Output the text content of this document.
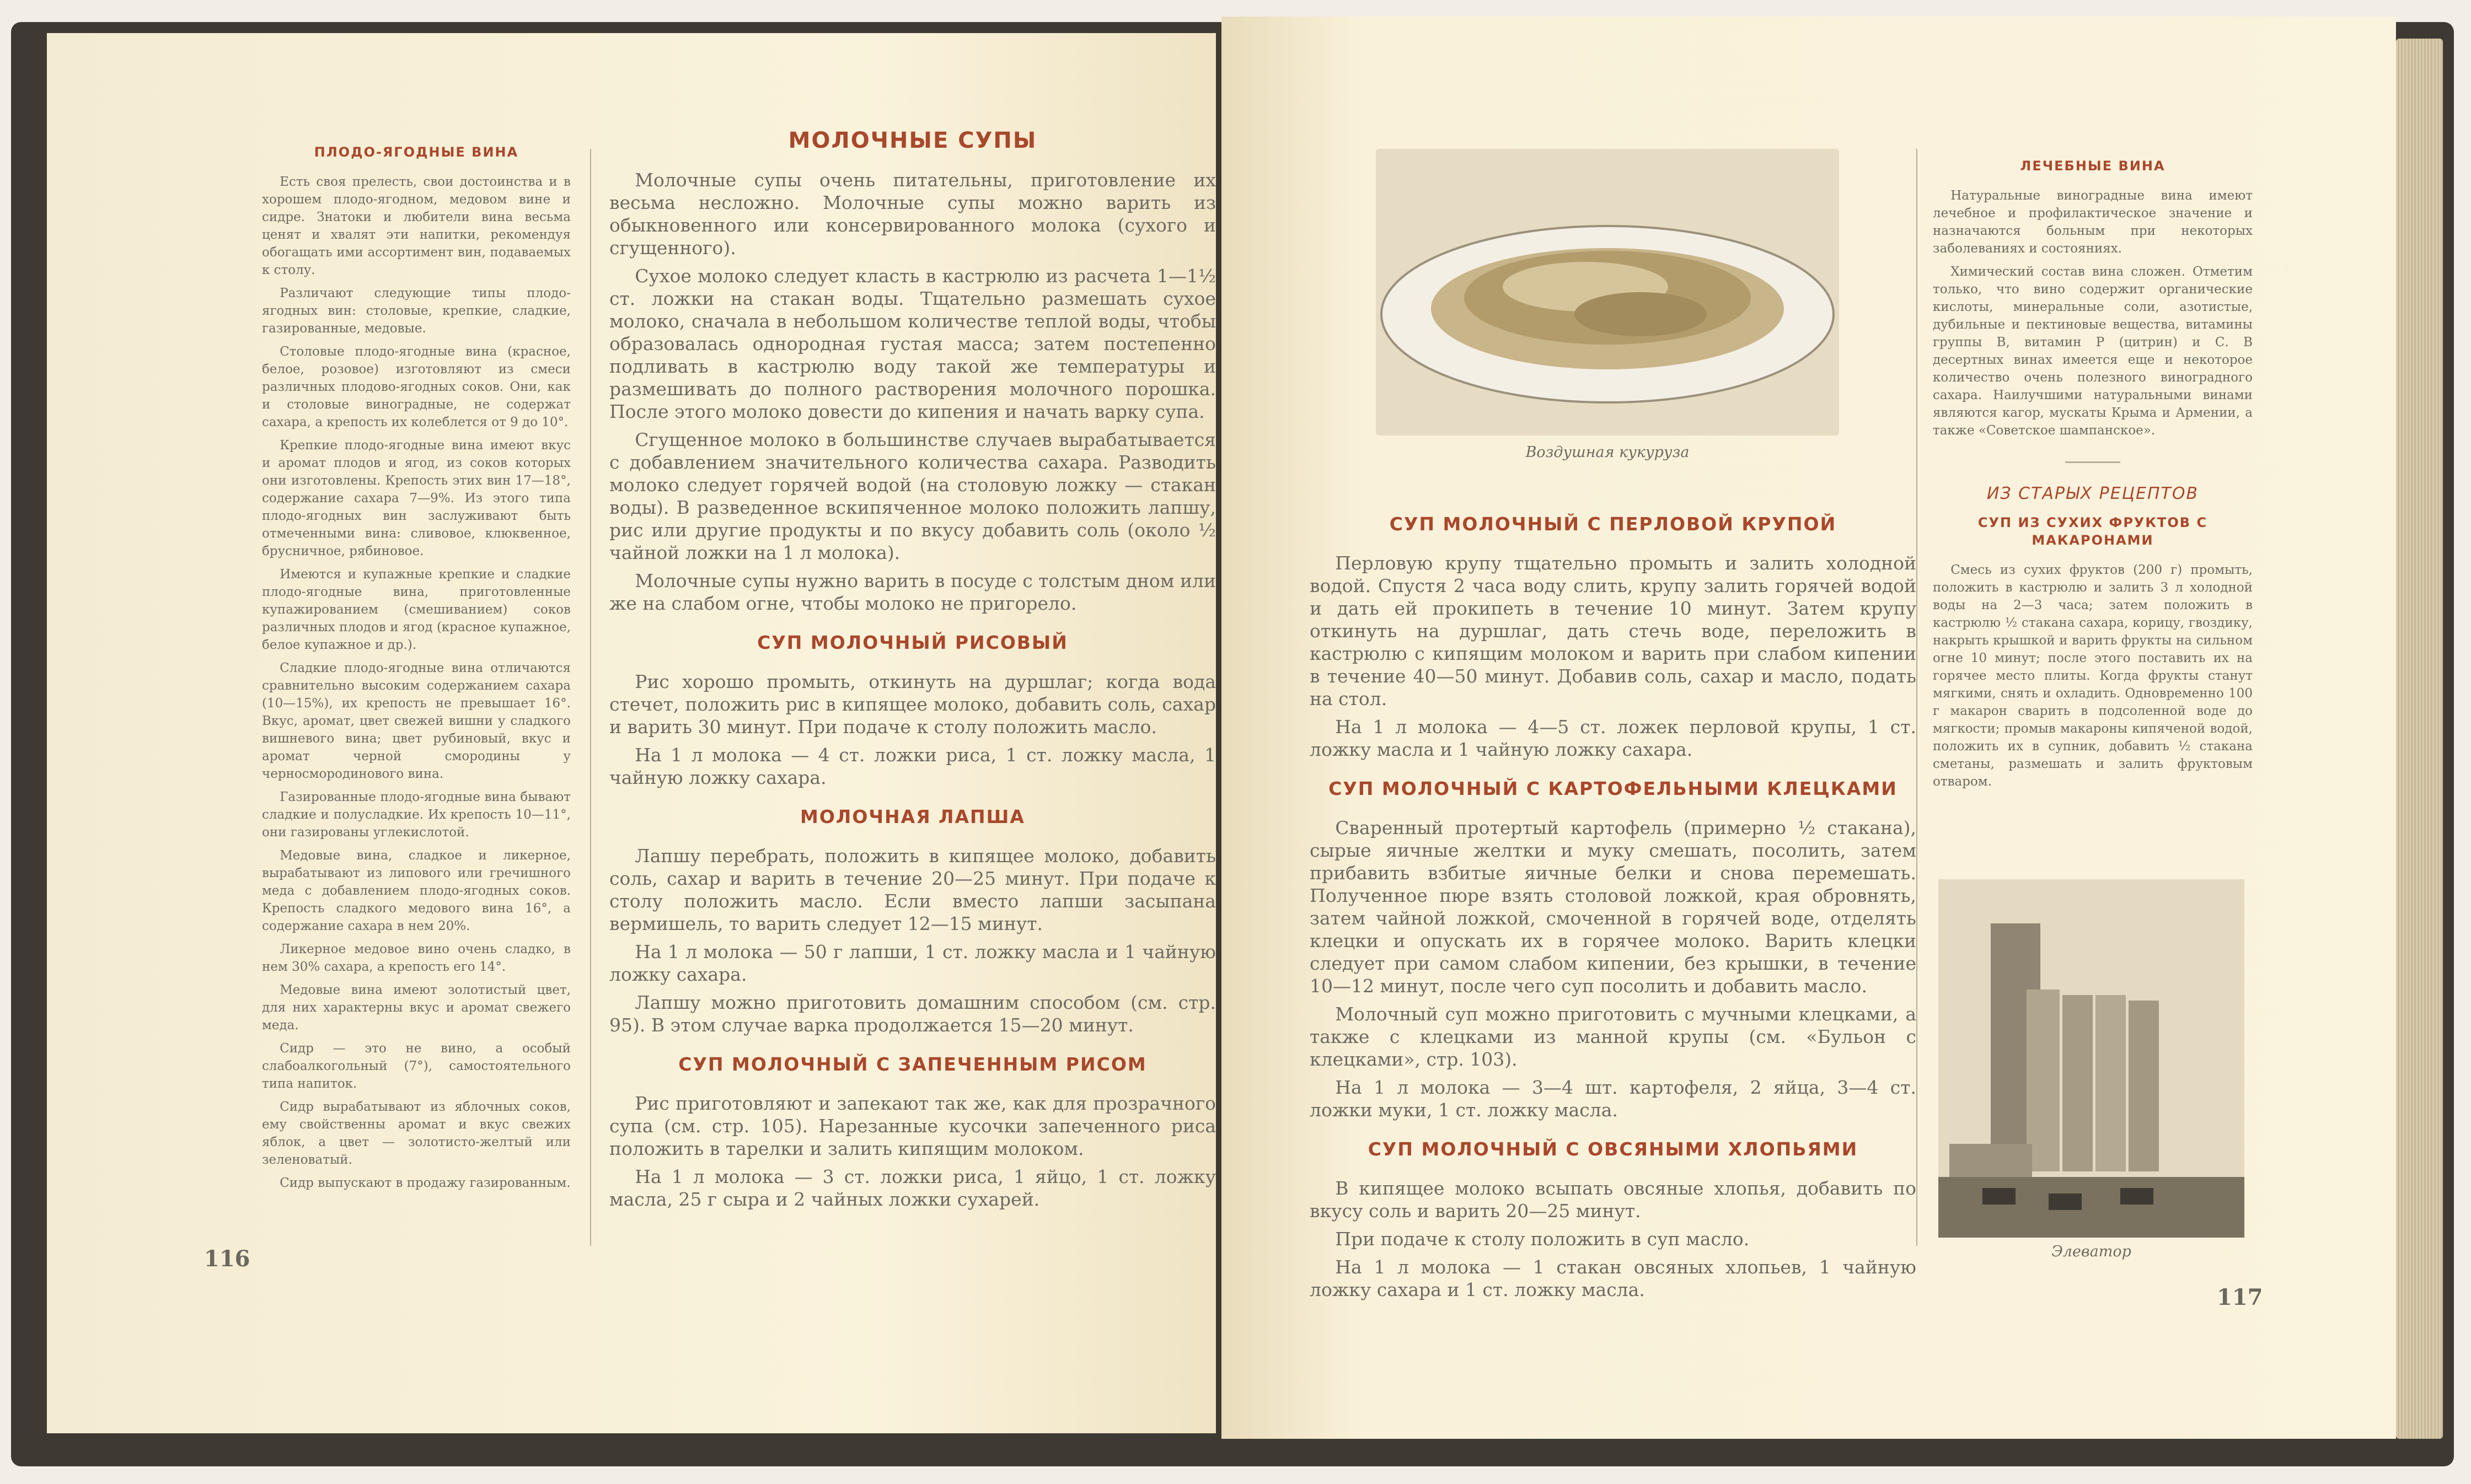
ПЛОДО-ЯГОДНЫЕ ВИНА

Есть своя прелесть, свои достоинства и в хорошем плодо-ягодном, медовом вине и сидре. Знатоки и любители вина весьма ценят и хвалят эти напитки, рекомендуя обогащать ими ассортимент вин, подаваемых к столу.

Различают следующие типы плодо-ягодных вин: столовые, крепкие, сладкие, газированные, медовые.

Столовые плодо-ягодные вина (красное, белое, розовое) изготовляют из смеси различных плодово-ягодных соков. Они, как и столовые виноградные, не содержат сахара, а крепость их колеблется от 9 до 10°.

Крепкие плодо-ягодные вина имеют вкус и аромат плодов и ягод, из соков которых они изготовлены. Крепость этих вин 17—18°, содержание сахара 7—9%. Из этого типа плодо-ягодных вин заслуживают быть отмеченными вина: сливовое, клюквенное, брусничное, рябиновое.

Имеются и купажные крепкие и сладкие плодо-ягодные вина, приготовленные купажированием (смешиванием) соков различных плодов и ягод (красное купажное, белое купажное и др.).

Сладкие плодо-ягодные вина отличаются сравнительно высоким содержанием сахара (10—15%), их крепость не превышает 16°. Вкус, аромат, цвет свежей вишни у сладкого вишневого вина; цвет рубиновый, вкус и аромат черной смородины у черносмородинового вина.

Газированные плодо-ягодные вина бывают сладкие и полусладкие. Их крепость 10—11°, они газированы углекислотой.

Медовые вина, сладкое и ликерное, вырабатывают из липового или гречишного меда с добавлением плодо-ягодных соков. Крепость сладкого медового вина 16°, а содержание сахара в нем 20%.

Ликерное медовое вино очень сладко, в нем 30% сахара, а крепость его 14°.

Медовые вина имеют золотистый цвет, для них характерны вкус и аромат свежего меда.

Сидр — это не вино, а особый слабоалкогольный (7°), самостоятельного типа напиток.

Сидр вырабатывают из яблочных соков, ему свойственны аромат и вкус свежих яблок, а цвет — золотисто-желтый или зеленоватый.

Сидр выпускают в продажу газированным.

МОЛОЧНЫЕ СУПЫ

Молочные супы очень питательны, приготовление их весьма несложно. Молочные супы можно варить из обыкновенного или консервированного молока (сухого и сгущенного).

Сухое молоко следует класть в кастрюлю из расчета 1—1½ ст. ложки на стакан воды. Тщательно размешать сухое молоко, сначала в небольшом количестве теплой воды, чтобы образовалась однородная густая масса; затем постепенно подливать в кастрюлю воду такой же температуры и размешивать до полного растворения молочного порошка. После этого молоко довести до кипения и начать варку супа.

Сгущенное молоко в большинстве случаев вырабатывается с добавлением значительного количества сахара. Разводить молоко следует горячей водой (на столовую ложку — стакан воды). В разведенное вскипяченное молоко положить лапшу, рис или другие продукты и по вкусу добавить соль (около ½ чайной ложки на 1 л молока).

Молочные супы нужно варить в посуде с толстым дном или же на слабом огне, чтобы молоко не пригорело.

СУП МОЛОЧНЫЙ РИСОВЫЙ

Рис хорошо промыть, откинуть на дуршлаг; когда вода стечет, положить рис в кипящее молоко, добавить соль, сахар и варить 30 минут. При подаче к столу положить масло.

На 1 л молока — 4 ст. ложки риса, 1 ст. ложку масла, 1 чайную ложку сахара.

МОЛОЧНАЯ ЛАПША

Лапшу перебрать, положить в кипящее молоко, добавить соль, сахар и варить в течение 20—25 минут. При подаче к столу положить масло. Если вместо лапши засыпана вермишель, то варить следует 12—15 минут.

На 1 л молока — 50 г лапши, 1 ст. ложку масла и 1 чайную ложку сахара.

Лапшу можно приготовить домашним способом (см. стр. 95). В этом случае варка продолжается 15—20 минут.

СУП МОЛОЧНЫЙ С ЗАПЕЧЕННЫМ РИСОМ

Рис приготовляют и запекают так же, как для прозрачного супа (см. стр. 105). Нарезанные кусочки запеченного риса положить в тарелки и залить кипящим молоком.

На 1 л молока — 3 ст. ложки риса, 1 яйцо, 1 ст. ложку масла, 25 г сыра и 2 чайных ложки сухарей.

116
Воздушная кукуруза
СУП МОЛОЧНЫЙ С ПЕРЛОВОЙ КРУПОЙ

Перловую крупу тщательно промыть и залить холодной водой. Спустя 2 часа воду слить, крупу залить горячей водой и дать ей прокипеть в течение 10 минут. Затем крупу откинуть на дуршлаг, дать стечь воде, переложить в кастрюлю с кипящим молоком и варить при слабом кипении в течение 40—50 минут. Добавив соль, сахар и масло, подать на стол.

На 1 л молока — 4—5 ст. ложек перловой крупы, 1 ст. ложку масла и 1 чайную ложку сахара.

СУП МОЛОЧНЫЙ С КАРТОФЕЛЬНЫМИ КЛЕЦКАМИ

Сваренный протертый картофель (примерно ½ стакана), сырые яичные желтки и муку смешать, посолить, затем прибавить взбитые яичные белки и снова перемешать. Полученное пюре взять столовой ложкой, края обровнять, затем чайной ложкой, смоченной в горячей воде, отделять клецки и опускать их в горячее молоко. Варить клецки следует при самом слабом кипении, без крышки, в течение 10—12 минут, после чего суп посолить и добавить масло.

Молочный суп можно приготовить с мучными клецками, а также с клецками из манной крупы (см. «Бульон с клецками», стр. 103).

На 1 л молока — 3—4 шт. картофеля, 2 яйца, 3—4 ст. ложки муки, 1 ст. ложку масла.

СУП МОЛОЧНЫЙ С ОВСЯНЫМИ ХЛОПЬЯМИ

В кипящее молоко всыпать овсяные хлопья, добавить по вкусу соль и варить 20—25 минут.

При подаче к столу положить в суп масло.

На 1 л молока — 1 стакан овсяных хлопьев, 1 чайную ложку сахара и 1 ст. ложку масла.

ЛЕЧЕБНЫЕ ВИНА

Натуральные виноградные вина имеют лечебное и профилактическое значение и назначаются больным при некоторых заболеваниях и состояниях.

Химический состав вина сложен. Отметим только, что вино содержит органические кислоты, минеральные соли, азотистые, дубильные и пектиновые вещества, витамины группы В, витамин Р (цитрин) и С. В десертных винах имеется еще и некоторое количество очень полезного виноградного сахара. Наилучшими натуральными винами являются кагор, мускаты Крыма и Армении, а также «Советское шампанское».

ИЗ СТАРЫХ РЕЦЕПТОВ
СУП ИЗ СУХИХ ФРУКТОВ С МАКАРОНАМИ

Смесь из сухих фруктов (200 г) промыть, положить в кастрюлю и залить 3 л холодной воды на 2—3 часа; затем положить в кастрюлю ½ стакана сахара, корицу, гвоздику, накрыть крышкой и варить фрукты на сильном огне 10 минут; после этого поставить их на горячее место плиты. Когда фрукты станут мягкими, снять и охладить. Одновременно 100 г макарон сварить в подсоленной воде до мягкости; промыв макароны кипяченой водой, положить их в супник, добавить ½ стакана сметаны, размешать и залить фруктовым отваром.

Элеватор
117
